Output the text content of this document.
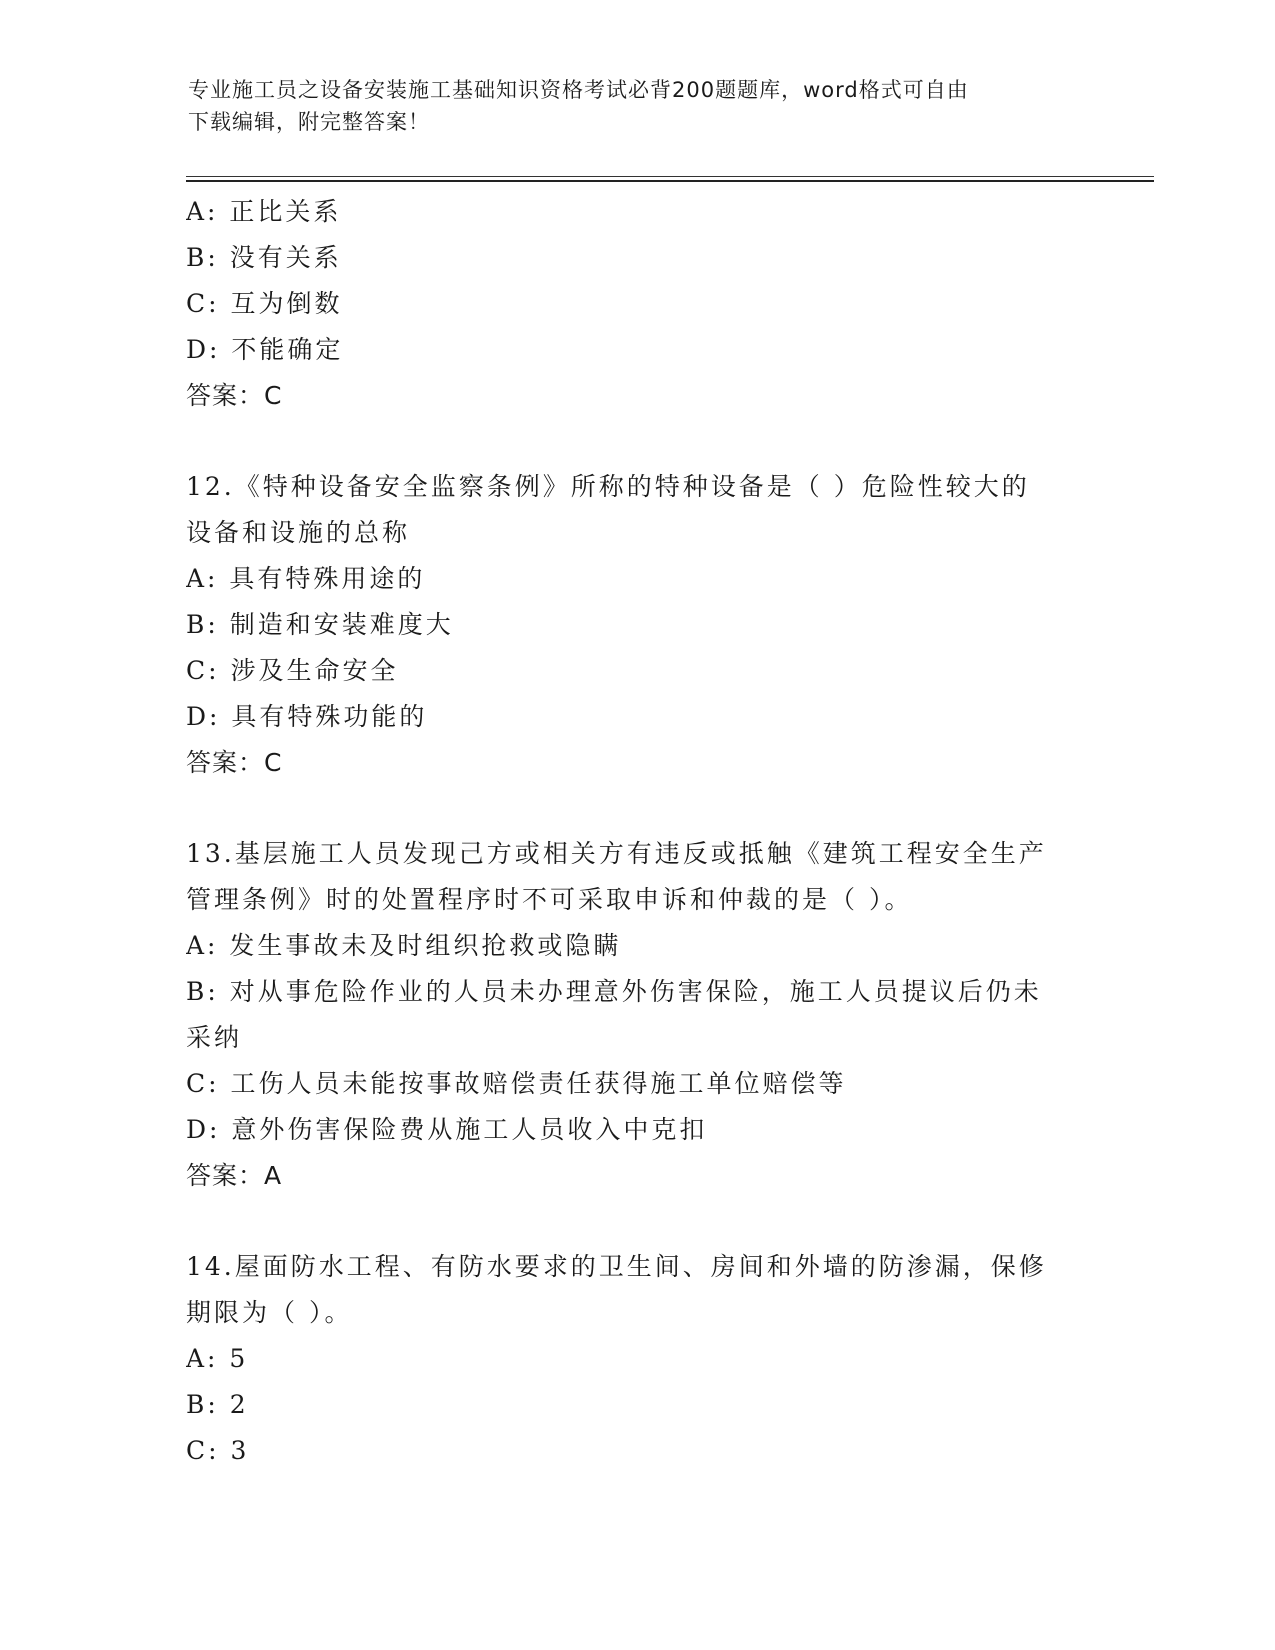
专业施工员之设备安装施工基础知识资格考试必背200题题库，word格式可自由
下载编辑，附完整答案！
A: 正比关系
B: 没有关系
C: 互为倒数
D: 不能确定
答案：C
12.《特种设备安全监察条例》所称的特种设备是（ ）危险性较大的
设备和设施的总称
A: 具有特殊用途的
B: 制造和安装难度大
C: 涉及生命安全
D: 具有特殊功能的
答案：C
13.基层施工人员发现己方或相关方有违反或抵触《建筑工程安全生产
管理条例》时的处置程序时不可采取申诉和仲裁的是（ ）。
A: 发生事故未及时组织抢救或隐瞒
B: 对从事危险作业的人员未办理意外伤害保险，施工人员提议后仍未
采纳
C: 工伤人员未能按事故赔偿责任获得施工单位赔偿等
D: 意外伤害保险费从施工人员收入中克扣
答案：A
14.屋面防水工程、有防水要求的卫生间、房间和外墙的防渗漏，保修
期限为（ ）。
A: 5
B: 2
C: 3
